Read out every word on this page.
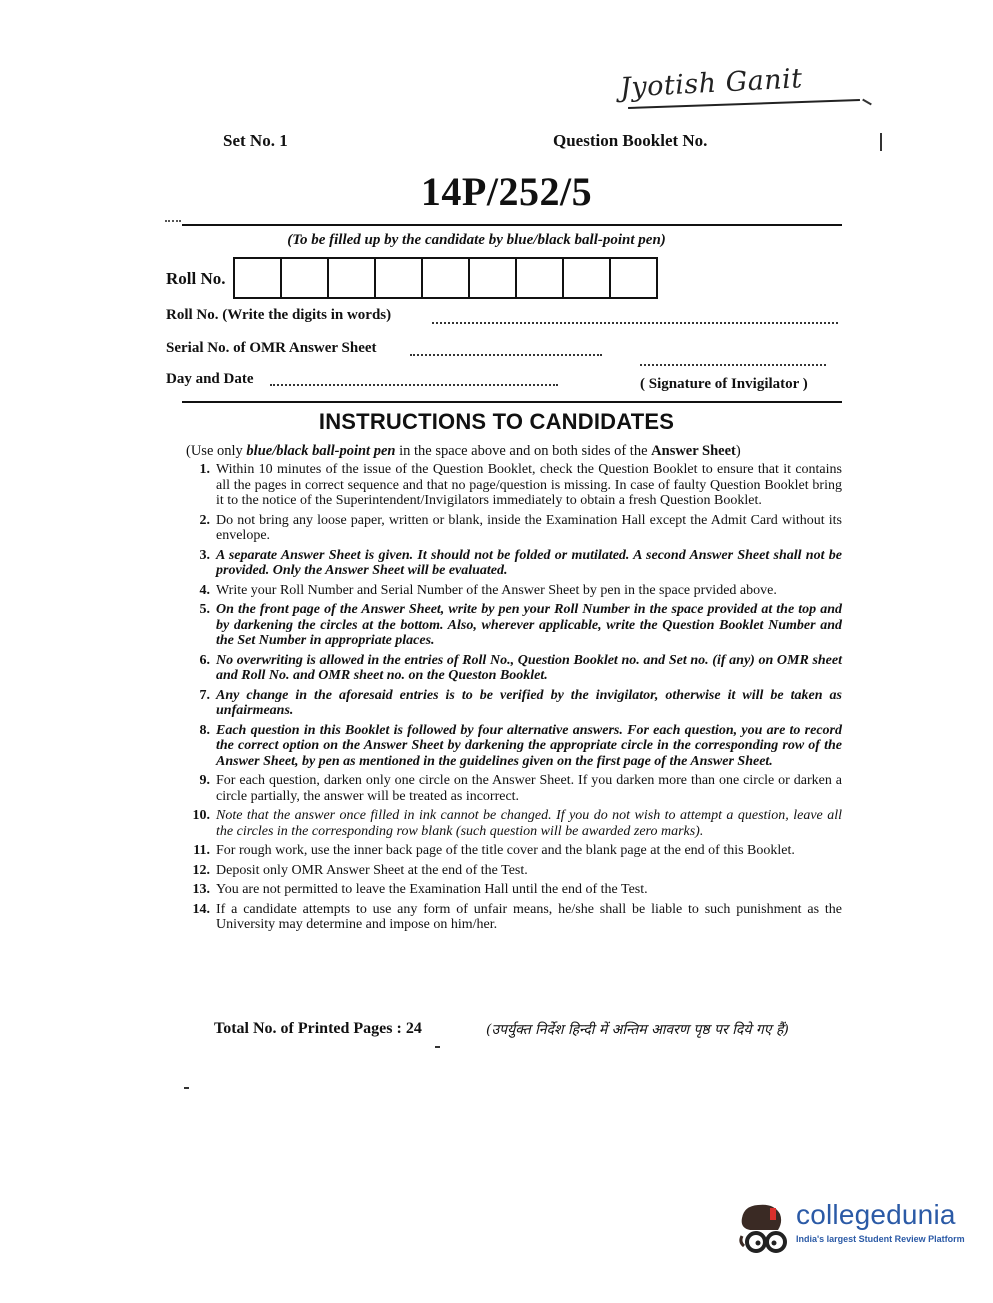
Jyotish Ganit
Set No. 1	Question Booklet No.
14P/252/5
(To be filled up by the candidate by blue/black ball-point pen)
Roll No.
Roll No. (Write the digits in words)
Serial No. of OMR Answer Sheet
Day and Date	( Signature of Invigilator )
INSTRUCTIONS TO CANDIDATES
(Use only blue/black ball-point pen in the space above and on both sides of the Answer Sheet)
1. Within 10 minutes of the issue of the Question Booklet, check the Question Booklet to ensure that it contains all the pages in correct sequence and that no page/question is missing. In case of faulty Question Booklet bring it to the notice of the Superintendent/Invigilators immediately to obtain a fresh Question Booklet.
2. Do not bring any loose paper, written or blank, inside the Examination Hall except the Admit Card without its envelope.
3. A separate Answer Sheet is given. It should not be folded or mutilated. A second Answer Sheet shall not be provided. Only the Answer Sheet will be evaluated.
4. Write your Roll Number and Serial Number of the Answer Sheet by pen in the space prvided above.
5. On the front page of the Answer Sheet, write by pen your Roll Number in the space provided at the top and by darkening the circles at the bottom. Also, wherever applicable, write the Question Booklet Number and the Set Number in appropriate places.
6. No overwriting is allowed in the entries of Roll No., Question Booklet no. and Set no. (if any) on OMR sheet and Roll No. and OMR sheet no. on the Queston Booklet.
7. Any change in the aforesaid entries is to be verified by the invigilator, otherwise it will be taken as unfairmeans.
8. Each question in this Booklet is followed by four alternative answers. For each question, you are to record the correct option on the Answer Sheet by darkening the appropriate circle in the corresponding row of the Answer Sheet, by pen as mentioned in the guidelines given on the first page of the Answer Sheet.
9. For each question, darken only one circle on the Answer Sheet. If you darken more than one circle or darken a circle partially, the answer will be treated as incorrect.
10. Note that the answer once filled in ink cannot be changed. If you do not wish to attempt a question, leave all the circles in the corresponding row blank (such question will be awarded zero marks).
11. For rough work, use the inner back page of the title cover and the blank page at the end of this Booklet.
12. Deposit only OMR Answer Sheet at the end of the Test.
13. You are not permitted to leave the Examination Hall until the end of the Test.
14. If a candidate attempts to use any form of unfair means, he/she shall be liable to such punishment as the University may determine and impose on him/her.
Total No. of Printed Pages : 24	(उपर्युक्त निर्देश हिन्दी में अन्तिम आवरण पृष्ठ पर दिये गए हैं)
collegedunia
India's largest Student Review Platform
